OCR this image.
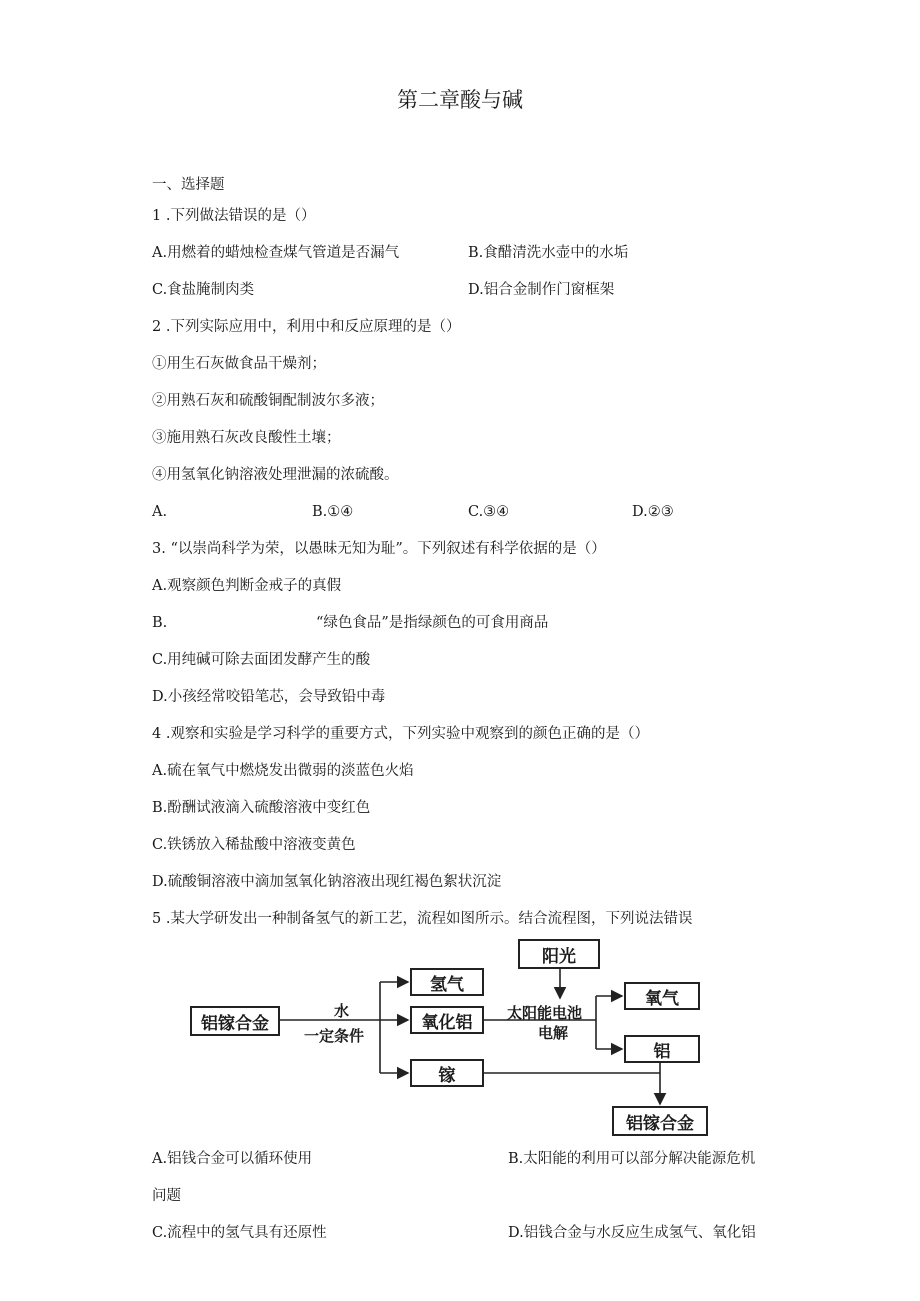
第二章酸与碱
一、选择题
1 .下列做法错误的是（）
A.用燃着的蜡烛检查煤气管道是否漏气	B.食醋清洗水壶中的水垢
C.食盐腌制肉类	D.铝合金制作门窗框架
2 .下列实际应用中，利用中和反应原理的是（）
①用生石灰做食品干燥剂；
②用熟石灰和硫酸铜配制波尔多液；
③施用熟石灰改良酸性土壤；
④用氢氧化钠溶液处理泄漏的浓硫酸。
A.	B.①④	C.③④	D.②③
3. “以崇尚科学为荣，以愚昧无知为耻”。下列叙述有科学依据的是（）
A.观察颜色判断金戒子的真假
B.	“绿色食品”是指绿颜色的可食用商品
C.用纯碱可除去面团发酵产生的酸
D.小孩经常咬铅笔芯，会导致铅中毒
4 .观察和实验是学习科学的重要方式，下列实验中观察到的颜色正确的是（）
A.硫在氧气中燃烧发出微弱的淡蓝色火焰
B.酚酬试液滴入硫酸溶液中变红色
C.铁锈放入稀盐酸中溶液变黄色
D.硫酸铜溶液中滴加氢氧化钠溶液出现红褐色絮状沉淀
5 .某大学研发出一种制备氢气的新工艺，流程如图所示。结合流程图，下列说法错误
铝镓合金
水
一定条件
氢气
氧化铝
镓
阳光
太阳能电池
电解
氧气
铝
铝镓合金
A.铝钱合金可以循环使用	B.太阳能的利用可以部分解决能源危机
问题
C.流程中的氢气具有还原性	D.铝钱合金与水反应生成氢气、氧化铝
